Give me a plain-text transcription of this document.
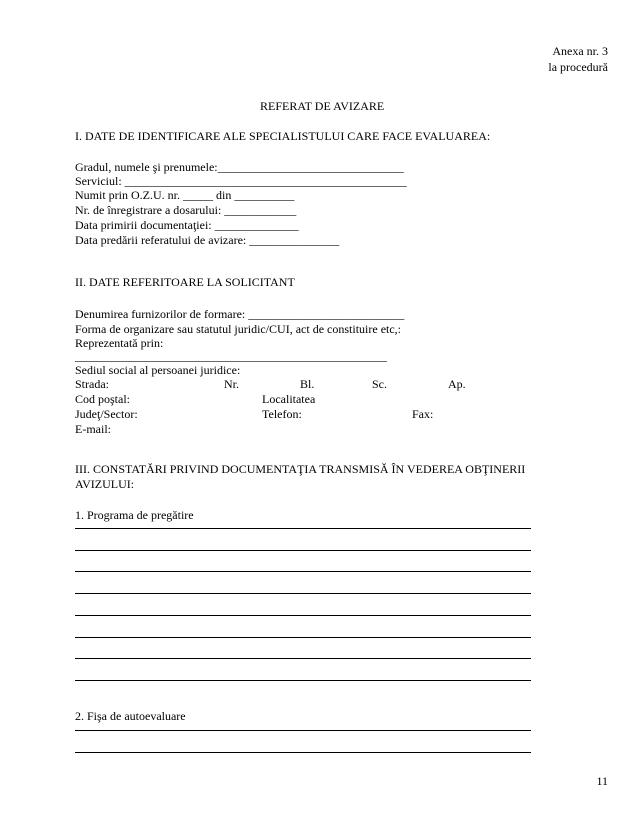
Anexa nr. 3
la procedură
REFERAT DE AVIZARE
I. DATE DE IDENTIFICARE ALE SPECIALISTULUI CARE FACE EVALUAREA:
Gradul, numele şi prenumele:_______________________________
Serviciul: _______________________________________________
Numit prin O.Z.U. nr. _____ din __________
Nr. de înregistrare a dosarului: ____________
Data primirii documentaţiei: ______________
Data predării referatului de avizare: _______________
II. DATE REFERITOARE LA SOLICITANT
Denumirea furnizorilor de formare: __________________________
Forma de organizare sau statutul juridic/CUI, act de constituire etc,:
Reprezentată prin:
____________________________________________________
Sediul social al persoanei juridice:
Strada:	Nr.	Bl.	Sc.	Ap.
Cod poştal:	Localitatea
Judeţ/Sector:	Telefon:	Fax:
E-mail:
III. CONSTATĂRI PRIVIND DOCUMENTAŢIA TRANSMISĂ ÎN VEDEREA OBŢINERII
AVIZULUI:
1. Programa de pregătire
2. Fişa de autoevaluare
11
